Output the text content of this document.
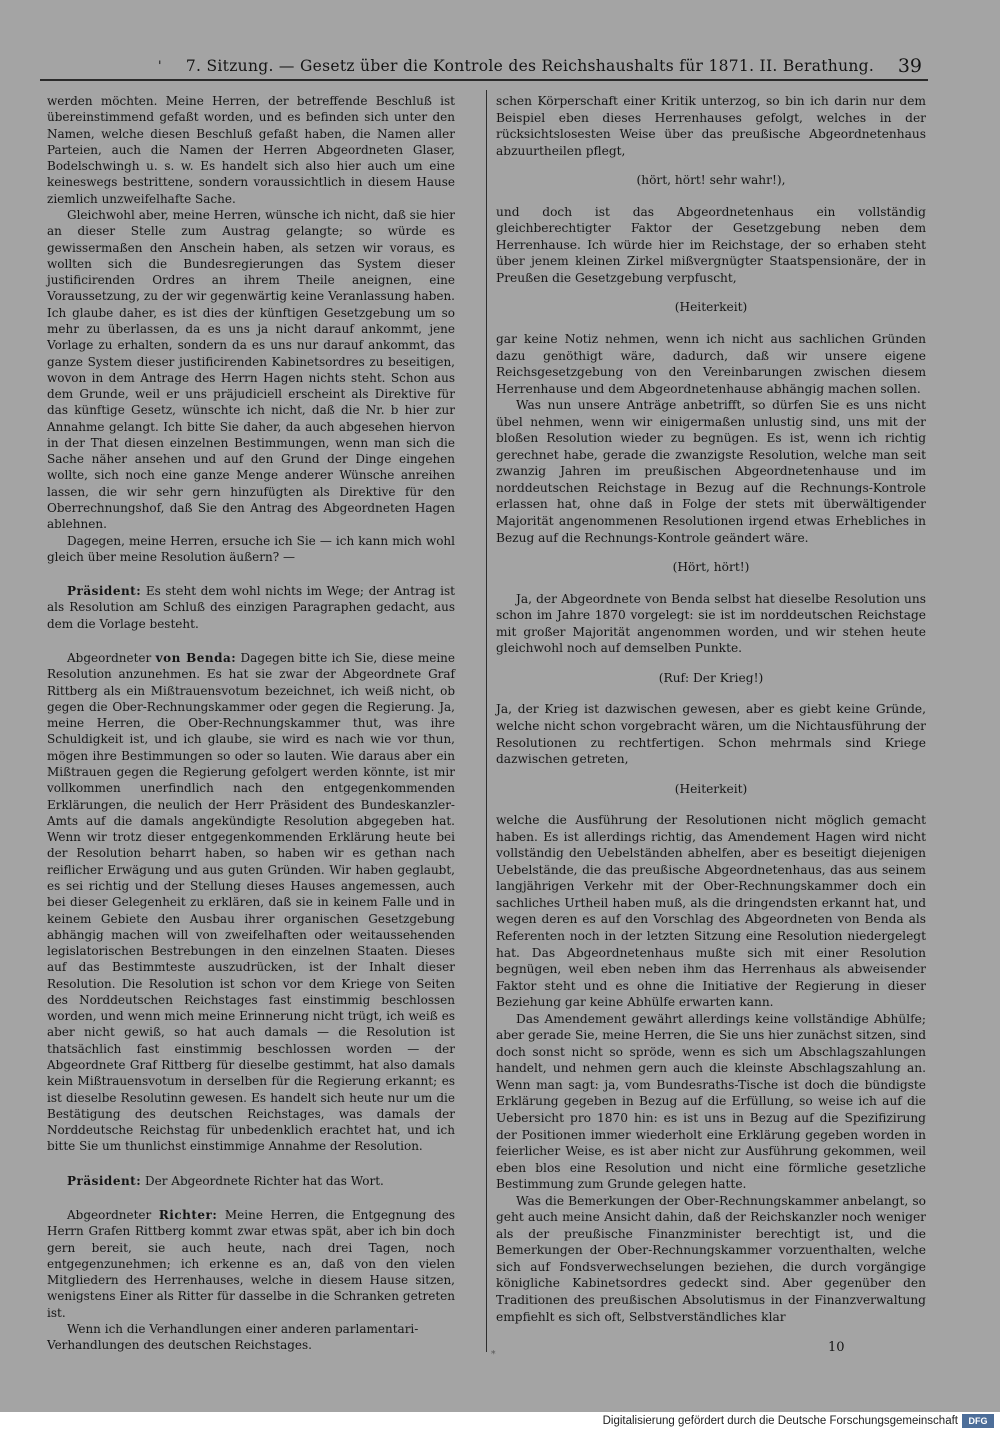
'	7. Sitzung. — Gesetz über die Kontrole des Reichshaushalts für 1871. II. Berathung.	39

werden möchten. Meine Herren, der betreffende Beschluß ist übereinstimmend gefaßt worden, und es befinden sich unter den Namen, welche diesen Beschluß gefaßt haben, die Namen aller Parteien, auch die Namen der Herren Abgeordneten Glaser, Bodelschwingh u. s. w. Es handelt sich also hier auch um eine keineswegs bestrittene, sondern voraussichtlich in diesem Hause ziemlich unzweifelhafte Sache.

Gleichwohl aber, meine Herren, wünsche ich nicht, daß sie hier an dieser Stelle zum Austrag gelangte; so würde es gewissermaßen den Anschein haben, als setzen wir voraus, es wollten sich die Bundesregierungen das System dieser justificirenden Ordres an ihrem Theile aneignen, eine Voraussetzung, zu der wir gegenwärtig keine Veranlassung haben. Ich glaube daher, es ist dies der künftigen Gesetzgebung um so mehr zu überlassen, da es uns ja nicht darauf ankommt, jene Vorlage zu erhalten, sondern da es uns nur darauf ankommt, das ganze System dieser justificirenden Kabinetsordres zu beseitigen, wovon in dem Antrage des Herrn Hagen nichts steht. Schon aus dem Grunde, weil er uns präjudiciell erscheint als Direktive für das künftige Gesetz, wünschte ich nicht, daß die Nr. b hier zur Annahme gelangt. Ich bitte Sie daher, da auch abgesehen hiervon in der That diesen einzelnen Bestimmungen, wenn man sich die Sache näher ansehen und auf den Grund der Dinge eingehen wollte, sich noch eine ganze Menge anderer Wünsche anreihen lassen, die wir sehr gern hinzufügten als Direktive für den Oberrechnungshof, daß Sie den Antrag des Abgeordneten Hagen ablehnen.

Dagegen, meine Herren, ersuche ich Sie — ich kann mich wohl gleich über meine Resolution äußern? —

Präsident: Es steht dem wohl nichts im Wege; der Antrag ist als Resolution am Schluß des einzigen Paragraphen gedacht, aus dem die Vorlage besteht.

Abgeordneter von Benda: Dagegen bitte ich Sie, diese meine Resolution anzunehmen. Es hat sie zwar der Abgeordnete Graf Rittberg als ein Mißtrauensvotum bezeichnet, ich weiß nicht, ob gegen die Ober-Rechnungskammer oder gegen die Regierung. Ja, meine Herren, die Ober-Rechnungskammer thut, was ihre Schuldigkeit ist, und ich glaube, sie wird es nach wie vor thun, mögen ihre Bestimmungen so oder so lauten. Wie daraus aber ein Mißtrauen gegen die Regierung gefolgert werden könnte, ist mir vollkommen unerfindlich nach den entgegenkommenden Erklärungen, die neulich der Herr Präsident des Bundeskanzler-Amts auf die damals angekündigte Resolution abgegeben hat. Wenn wir trotz dieser entgegenkommenden Erklärung heute bei der Resolution beharrt haben, so haben wir es gethan nach reiflicher Erwägung und aus guten Gründen. Wir haben geglaubt, es sei richtig und der Stellung dieses Hauses angemessen, auch bei dieser Gelegenheit zu erklären, daß sie in keinem Falle und in keinem Gebiete den Ausbau ihrer organischen Gesetzgebung abhängig machen will von zweifelhaften oder weitaussehenden legislatorischen Bestrebungen in den einzelnen Staaten. Dieses auf das Bestimmteste auszudrücken, ist der Inhalt dieser Resolution. Die Resolution ist schon vor dem Kriege von Seiten des Norddeutschen Reichstages fast einstimmig beschlossen worden, und wenn mich meine Erinnerung nicht trügt, ich weiß es aber nicht gewiß, so hat auch damals — die Resolution ist thatsächlich fast einstimmig beschlossen worden — der Abgeordnete Graf Rittberg für dieselbe gestimmt, hat also damals kein Mißtrauensvotum in derselben für die Regierung erkannt; es ist dieselbe Resolutinn gewesen. Es handelt sich heute nur um die Bestätigung des deutschen Reichstages, was damals der Norddeutsche Reichstag für unbedenklich erachtet hat, und ich bitte Sie um thunlichst einstimmige Annahme der Resolution.

Präsident: Der Abgeordnete Richter hat das Wort.

Abgeordneter Richter: Meine Herren, die Entgegnung des Herrn Grafen Rittberg kommt zwar etwas spät, aber ich bin doch gern bereit, sie auch heute, nach drei Tagen, noch entgegenzunehmen; ich erkenne es an, daß von den vielen Mitgliedern des Herrenhauses, welche in diesem Hause sitzen, wenigstens Einer als Ritter für dasselbe in die Schranken getreten ist.

Wenn ich die Verhandlungen einer anderen parlamentari-

Verhandlungen des deutschen Reichstages.

schen Körperschaft einer Kritik unterzog, so bin ich darin nur dem Beispiel eben dieses Herrenhauses gefolgt, welches in der rücksichtslosesten Weise über das preußische Abgeordnetenhaus abzuurtheilen pflegt,

(hört, hört! sehr wahr!),

und doch ist das Abgeordnetenhaus ein vollständig gleichberechtigter Faktor der Gesetzgebung neben dem Herrenhause. Ich würde hier im Reichstage, der so erhaben steht über jenem kleinen Zirkel mißvergnügter Staatspensionäre, der in Preußen die Gesetzgebung verpfuscht,

(Heiterkeit)

gar keine Notiz nehmen, wenn ich nicht aus sachlichen Gründen dazu genöthigt wäre, dadurch, daß wir unsere eigene Reichsgesetzgebung von den Vereinbarungen zwischen diesem Herrenhause und dem Abgeordnetenhause abhängig machen sollen.

Was nun unsere Anträge anbetrifft, so dürfen Sie es uns nicht übel nehmen, wenn wir einigermaßen unlustig sind, uns mit der bloßen Resolution wieder zu begnügen. Es ist, wenn ich richtig gerechnet habe, gerade die zwanzigste Resolution, welche man seit zwanzig Jahren im preußischen Abgeordnetenhause und im norddeutschen Reichstage in Bezug auf die Rechnungs-Kontrole erlassen hat, ohne daß in Folge der stets mit überwältigender Majorität angenommenen Resolutionen irgend etwas Erhebliches in Bezug auf die Rechnungs-Kontrole geändert wäre.

(Hört, hört!)

Ja, der Abgeordnete von Benda selbst hat dieselbe Resolution uns schon im Jahre 1870 vorgelegt: sie ist im norddeutschen Reichstage mit großer Majorität angenommen worden, und wir stehen heute gleichwohl noch auf demselben Punkte.

(Ruf: Der Krieg!)

Ja, der Krieg ist dazwischen gewesen, aber es giebt keine Gründe, welche nicht schon vorgebracht wären, um die Nichtausführung der Resolutionen zu rechtfertigen. Schon mehrmals sind Kriege dazwischen getreten,

(Heiterkeit)

welche die Ausführung der Resolutionen nicht möglich gemacht haben. Es ist allerdings richtig, das Amendement Hagen wird nicht vollständig den Uebelständen abhelfen, aber es beseitigt diejenigen Uebelstände, die das preußische Abgeordnetenhaus, das aus seinem langjährigen Verkehr mit der Ober-Rechnungskammer doch ein sachliches Urtheil haben muß, als die dringendsten erkannt hat, und wegen deren es auf den Vorschlag des Abgeordneten von Benda als Referenten noch in der letzten Sitzung eine Resolution niedergelegt hat. Das Abgeordnetenhaus mußte sich mit einer Resolution begnügen, weil eben neben ihm das Herrenhaus als abweisender Faktor steht und es ohne die Initiative der Regierung in dieser Beziehung gar keine Abhülfe erwarten kann.

Das Amendement gewährt allerdings keine vollständige Abhülfe; aber gerade Sie, meine Herren, die Sie uns hier zunächst sitzen, sind doch sonst nicht so spröde, wenn es sich um Abschlagszahlungen handelt, und nehmen gern auch die kleinste Abschlagszahlung an. Wenn man sagt: ja, vom Bundesraths-Tische ist doch die bündigste Erklärung gegeben in Bezug auf die Erfüllung, so weise ich auf die Uebersicht pro 1870 hin: es ist uns in Bezug auf die Spezifizirung der Positionen immer wiederholt eine Erklärung gegeben worden in feierlicher Weise, es ist aber nicht zur Ausführung gekommen, weil eben blos eine Resolution und nicht eine förmliche gesetzliche Bestimmung zum Grunde gelegen hatte.

Was die Bemerkungen der Ober-Rechnungskammer anbelangt, so geht auch meine Ansicht dahin, daß der Reichskanzler noch weniger als der preußische Finanzminister berechtigt ist, und die Bemerkungen der Ober-Rechnungskammer vorzuenthalten, welche sich auf Fondsverwechselungen beziehen, die durch vorgängige königliche Kabinetsordres gedeckt sind. Aber gegenüber den Traditionen des preußischen Absolutismus in der Finanzverwaltung empfiehlt es sich oft, Selbstverständliches klar

*	10
Digitalisierung gefördert durch die Deutsche Forschungsgemeinschaft	DFG
